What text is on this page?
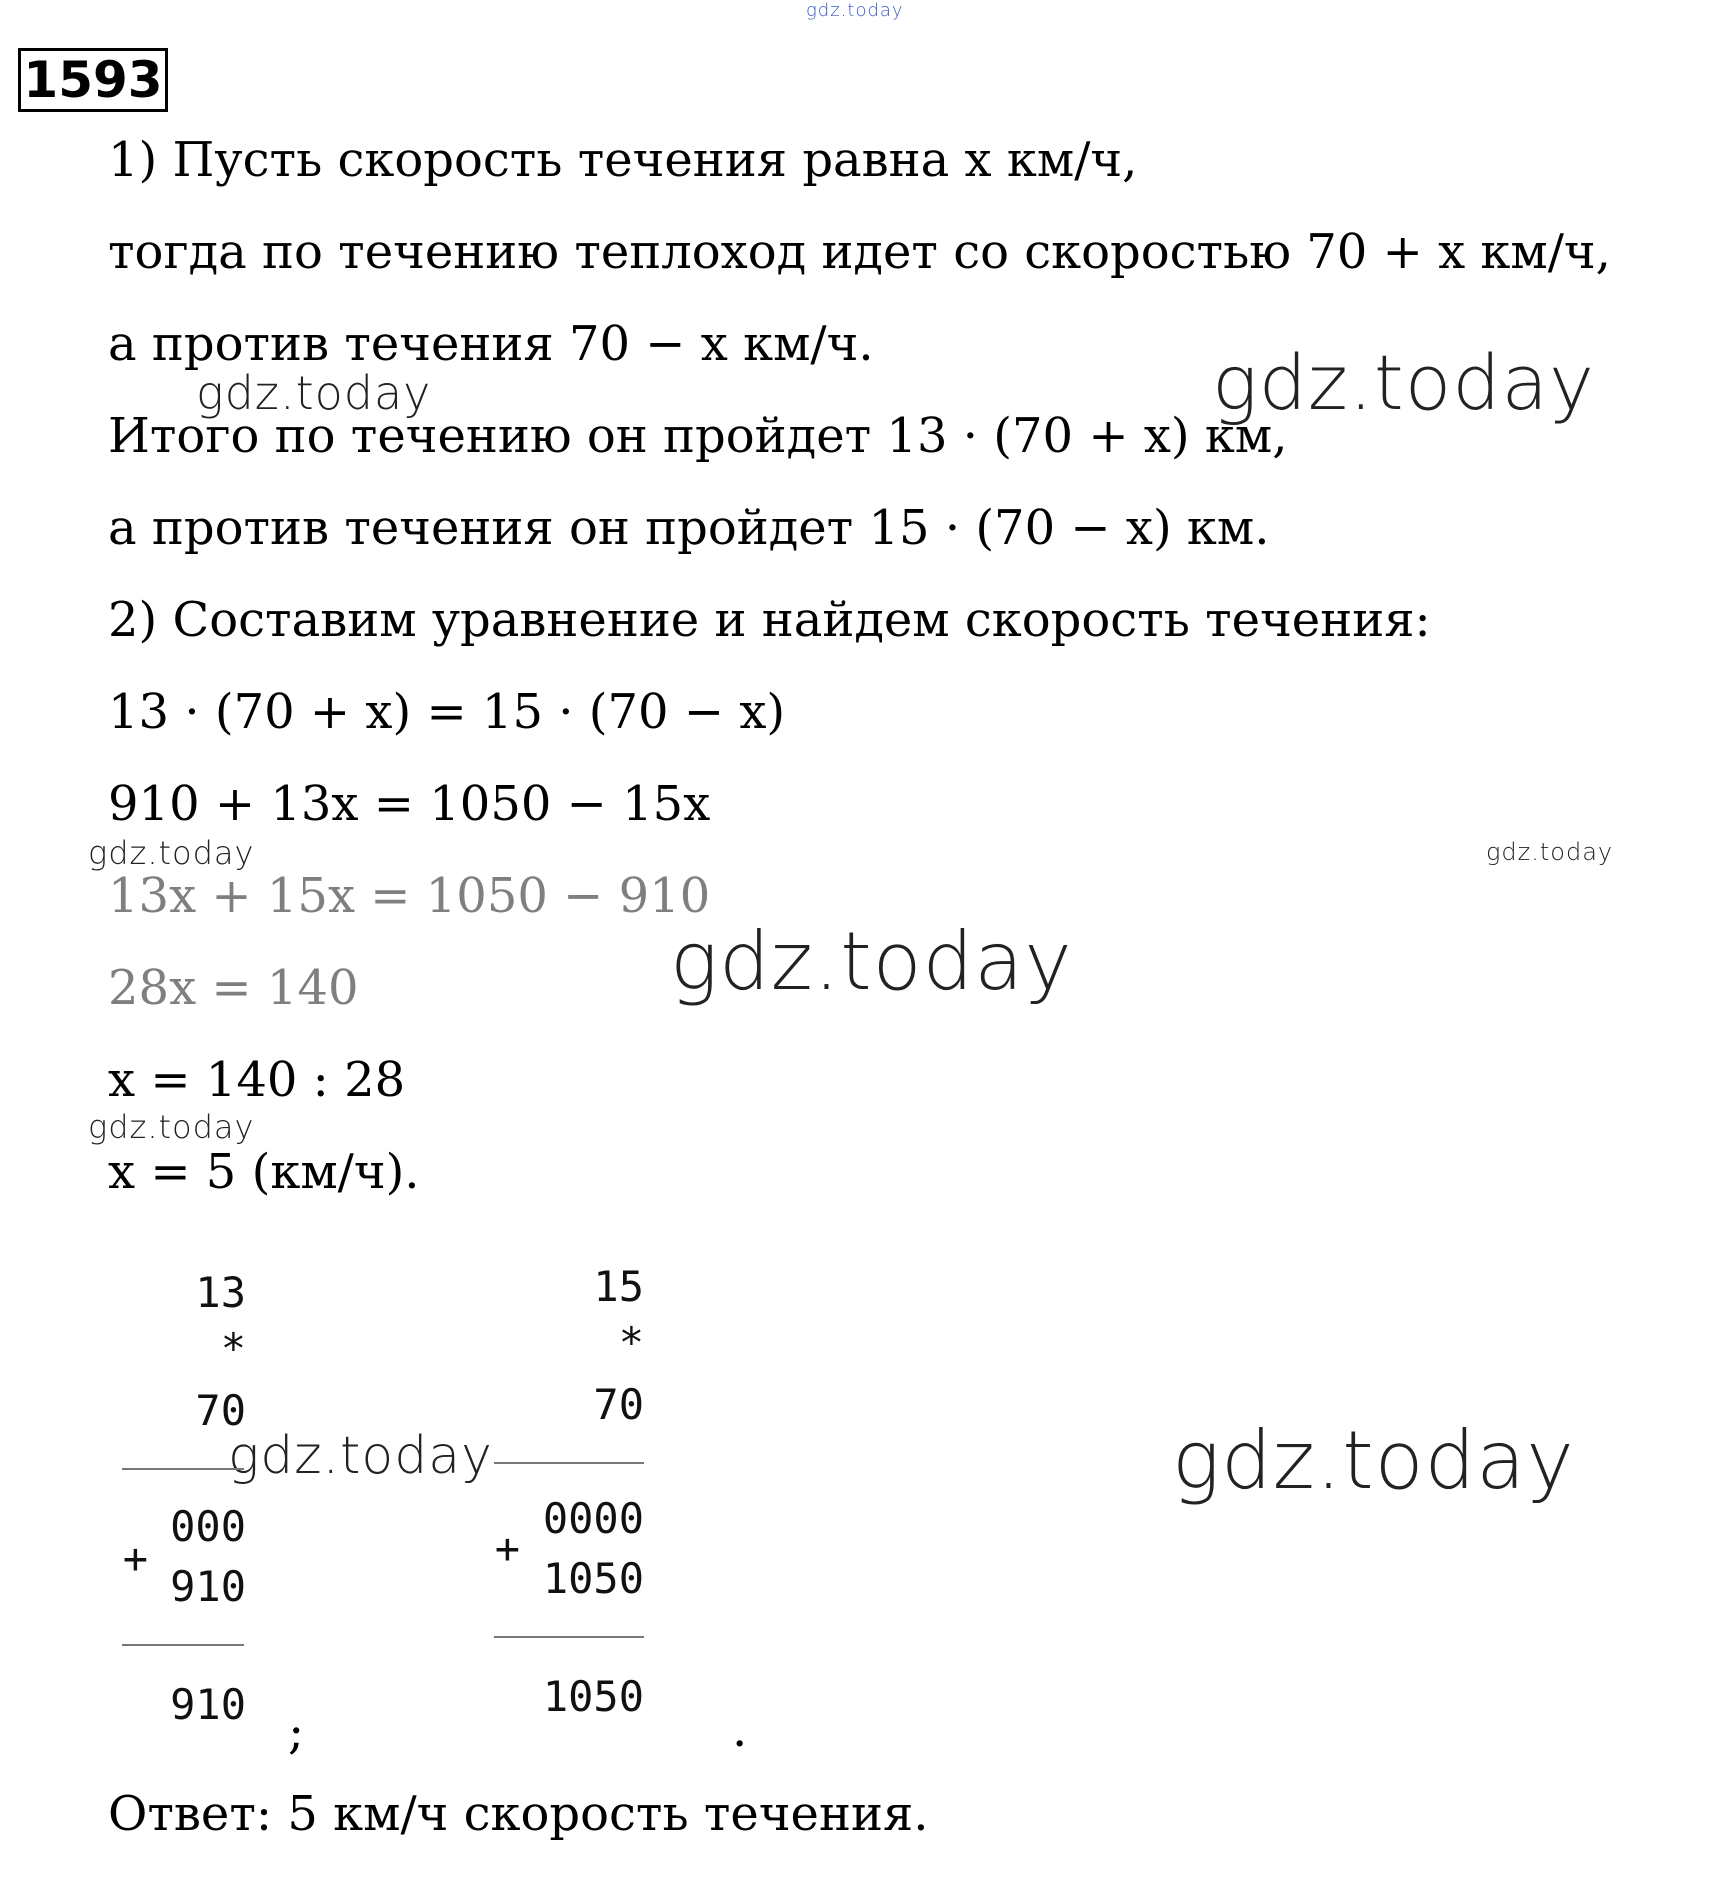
gdz.today
gdz.today
gdz.today
gdz.today	gdz.today
gdz.today
gdz.today
gdz.today	gdz.today
1593
1) Пусть скорость течения равна x км/ч,
тогда по течению теплоход идет со скоростью 70 + x км/ч,
а против течения 70 − x км/ч.
Итого по течению он пройдет 13 · (70 + x) км,
а против течения он пройдет 15 · (70 − x) км.
2) Составим уравнение и найдем скорость течения:
13 · (70 + x) = 15 · (70 − x)
910 + 13x = 1050 − 15x
13x + 15x = 1050 − 910
28x = 140
x = 140 : 28
x = 5 (км/ч).
13
*
70
+
000
910
910 ;
15
*
70
+
0000
1050
1050
.
Ответ: 5 км/ч скорость течения.
